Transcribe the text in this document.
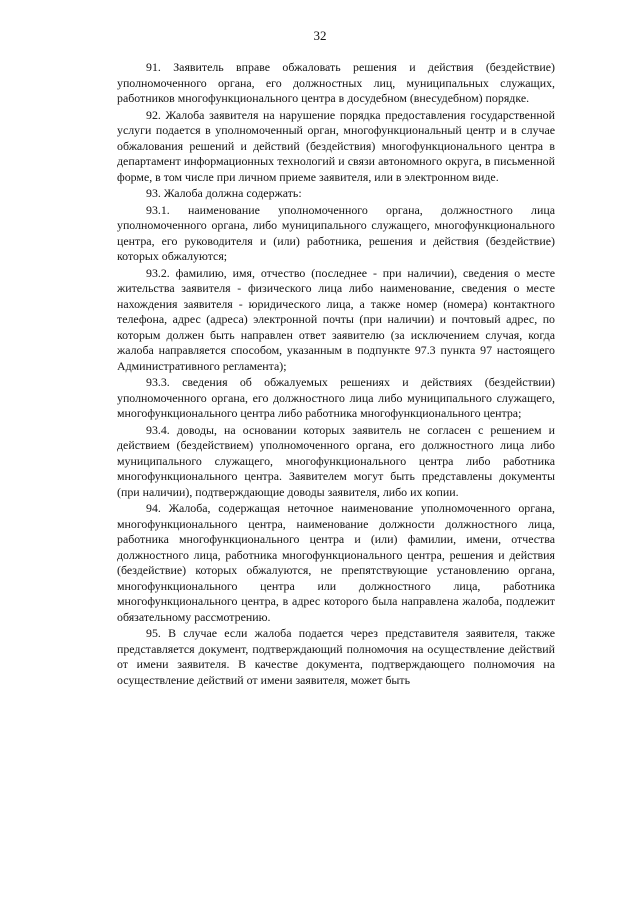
32

91. Заявитель вправе обжаловать решения и действия (бездействие) уполномоченного органа, его должностных лиц, муниципальных служащих, работников многофункционального центра в досудебном (внесудебном) порядке.

92. Жалоба заявителя на нарушение порядка предоставления государственной услуги подается в уполномоченный орган, многофункциональный центр и в случае обжалования решений и действий (бездействия) многофункционального центра в департамент информационных технологий и связи автономного округа, в письменной форме, в том числе при личном приеме заявителя, или в электронном виде.

93. Жалоба должна содержать:

93.1. наименование уполномоченного органа, должностного лица уполномоченного органа, либо муниципального служащего, многофункционального центра, его руководителя и (или) работника, решения и действия (бездействие) которых обжалуются;

93.2. фамилию, имя, отчество (последнее - при наличии), сведения о месте жительства заявителя - физического лица либо наименование, сведения о месте нахождения заявителя - юридического лица, а также номер (номера) контактного телефона, адрес (адреса) электронной почты (при наличии) и почтовый адрес, по которым должен быть направлен ответ заявителю (за исключением случая, когда жалоба направляется способом, указанным в подпункте 97.3 пункта 97 настоящего Административного регламента);

93.3. сведения об обжалуемых решениях и действиях (бездействии) уполномоченного органа, его должностного лица либо муниципального служащего, многофункционального центра либо работника многофункционального центра;

93.4. доводы, на основании которых заявитель не согласен с решением и действием (бездействием) уполномоченного органа, его должностного лица либо муниципального служащего, многофункционального центра либо работника многофункционального центра. Заявителем могут быть представлены документы (при наличии), подтверждающие доводы заявителя, либо их копии.

94. Жалоба, содержащая неточное наименование уполномоченного органа, многофункционального центра, наименование должности должностного лица, работника многофункционального центра и (или) фамилии, имени, отчества должностного лица, работника многофункционального центра, решения и действия (бездействие) которых обжалуются, не препятствующие установлению органа, многофункционального центра или должностного лица, работника многофункционального центра, в адрес которого была направлена жалоба, подлежит обязательному рассмотрению.

95. В случае если жалоба подается через представителя заявителя, также представляется документ, подтверждающий полномочия на осуществление действий от имени заявителя. В качестве документа, подтверждающего полномочия на осуществление действий от имени заявителя, может быть
